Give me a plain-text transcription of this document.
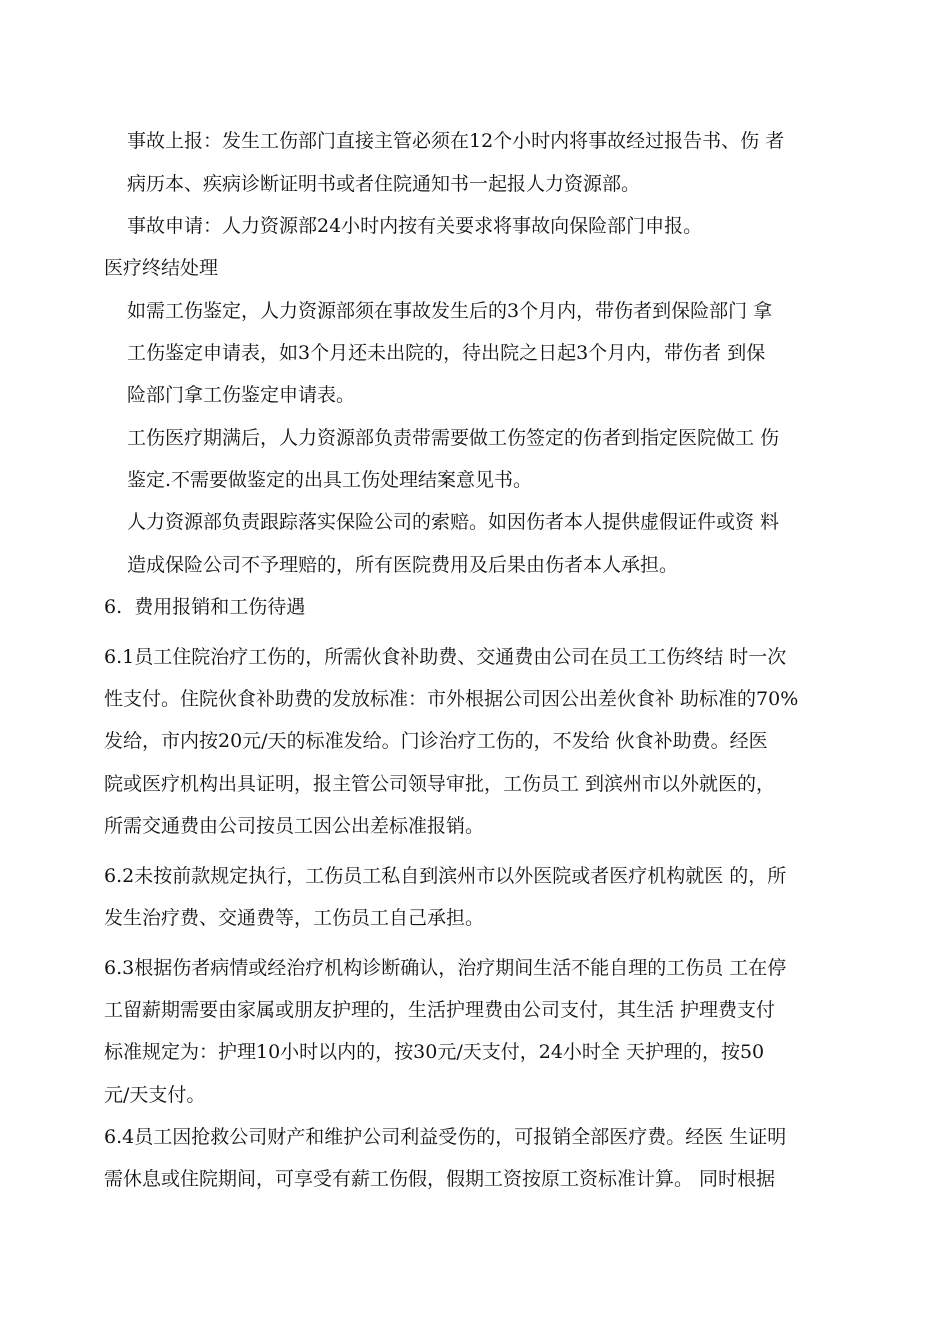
事故上报：发生工伤部门直接主管必须在12个小时内将事故经过报告书、伤 者
病历本、疾病诊断证明书或者住院通知书一起报人力资源部。
事故申请：人力资源部24小时内按有关要求将事故向保险部门申报。
医疗终结处理
如需工伤鉴定，人力资源部须在事故发生后的3个月内，带伤者到保险部门 拿
工伤鉴定申请表，如3个月还未出院的，待出院之日起3个月内，带伤者 到保
险部门拿工伤鉴定申请表。
工伤医疗期满后，人力资源部负责带需要做工伤签定的伤者到指定医院做工 伤
鉴定.不需要做鉴定的出具工伤处理结案意见书。
人力资源部负责跟踪落实保险公司的索赔。如因伤者本人提供虚假证件或资 料
造成保险公司不予理赔的，所有医院费用及后果由伤者本人承担。
6.  费用报销和工伤待遇
6.1员工住院治疗工伤的，所需伙食补助费、交通费由公司在员工工伤终结 时一次
性支付。住院伙食补助费的发放标准：市外根据公司因公出差伙食补 助标准的70%
发给，市内按20元/天的标准发给。门诊治疗工伤的，不发给 伙食补助费。经医
院或医疗机构出具证明，报主管公司领导审批，工伤员工 到滨州市以外就医的，
所需交通费由公司按员工因公出差标准报销。
6.2未按前款规定执行，工伤员工私自到滨州市以外医院或者医疗机构就医 的，所
发生治疗费、交通费等，工伤员工自己承担。
6.3根据伤者病情或经治疗机构诊断确认，治疗期间生活不能自理的工伤员 工在停
工留薪期需要由家属或朋友护理的，生活护理费由公司支付，其生活 护理费支付
标准规定为：护理10小时以内的，按30元/天支付，24小时全 天护理的，按50
元/天支付。
6.4员工因抢救公司财产和维护公司利益受伤的，可报销全部医疗费。经医 生证明
需休息或住院期间，可享受有薪工伤假，假期工资按原工资标准计算。 同时根据
